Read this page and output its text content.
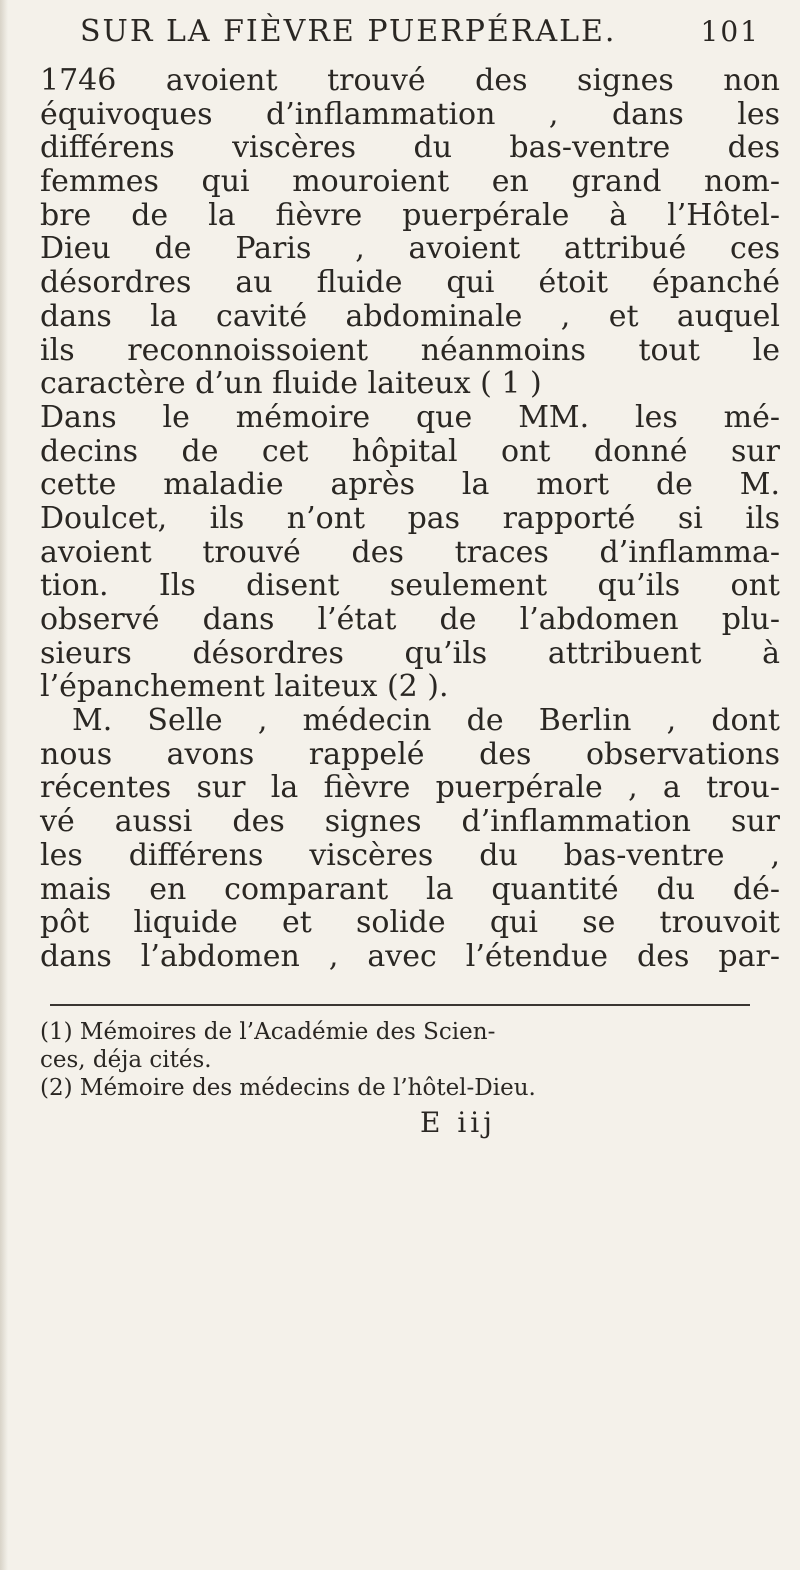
SUR LA FIÈVRE PUERPÉRALE.	101
1746 avoient trouvé des signes non
équivoques d’inflammation , dans les
différens viscères du bas-ventre des
femmes qui mouroient en grand nom-
bre de la fièvre puerpérale à l’Hôtel-
Dieu de Paris , avoient attribué ces
désordres au fluide qui étoit épanché
dans la cavité abdominale , et auquel
ils reconnoissoient néanmoins tout le
caractère d’un fluide laiteux ( 1 )
Dans le mémoire que MM. les mé-
decins de cet hôpital ont donné sur
cette maladie après la mort de M.
Doulcet, ils n’ont pas rapporté si ils
avoient trouvé des traces d’inflamma-
tion. Ils disent seulement qu’ils ont
observé dans l’état de l’abdomen plu-
sieurs désordres qu’ils attribuent à
l’épanchement laiteux (2 ).
M. Selle , médecin de Berlin , dont
nous avons rappelé des observations
récentes sur la fièvre puerpérale , a trou-
vé aussi des signes d’inflammation sur
les différens viscères du bas-ventre ,
mais en comparant la quantité du dé-
pôt liquide et solide qui se trouvoit
dans l’abdomen , avec l’étendue des par-
(1) Mémoires de l’Académie des Scien-
ces, déja cités.
(2) Mémoire des médecins de l’hôtel-Dieu.
E iij
